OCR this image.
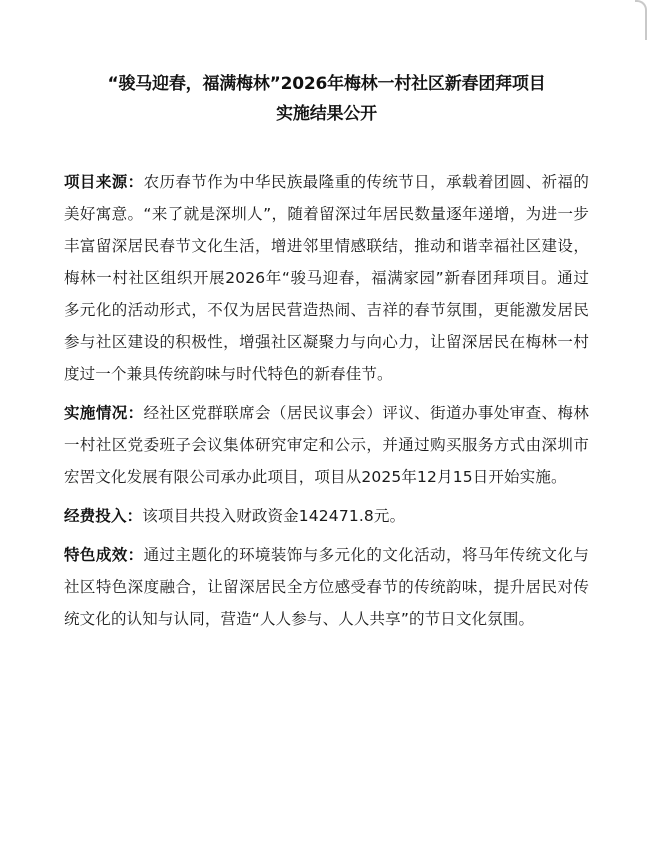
“骏马迎春，福满梅林”2026年梅林一村社区新春团拜项目
实施结果公开

项目来源：农历春节作为中华民族最隆重的传统节日，承载着团圆、祈福的美好寓意。“来了就是深圳人”，随着留深过年居民数量逐年递增，为进一步丰富留深居民春节文化生活，增进邻里情感联结，推动和谐幸福社区建设，梅林一村社区组织开展2026年“骏马迎春，福满家园”新春团拜项目。通过多元化的活动形式，不仅为居民营造热闹、吉祥的春节氛围，更能激发居民参与社区建设的积极性，增强社区凝聚力与向心力，让留深居民在梅林一村度过一个兼具传统韵味与时代特色的新春佳节。

实施情况：经社区党群联席会（居民议事会）评议、街道办事处审查、梅林一村社区党委班子会议集体研究审定和公示，并通过购买服务方式由深圳市宏罟文化发展有限公司承办此项目，项目从2025年12月15日开始实施。

经费投入：该项目共投入财政资金142471.8元。

特色成效：通过主题化的环境装饰与多元化的文化活动，将马年传统文化与社区特色深度融合，让留深居民全方位感受春节的传统韵味，提升居民对传统文化的认知与认同，营造“人人参与、人人共享”的节日文化氛围。
